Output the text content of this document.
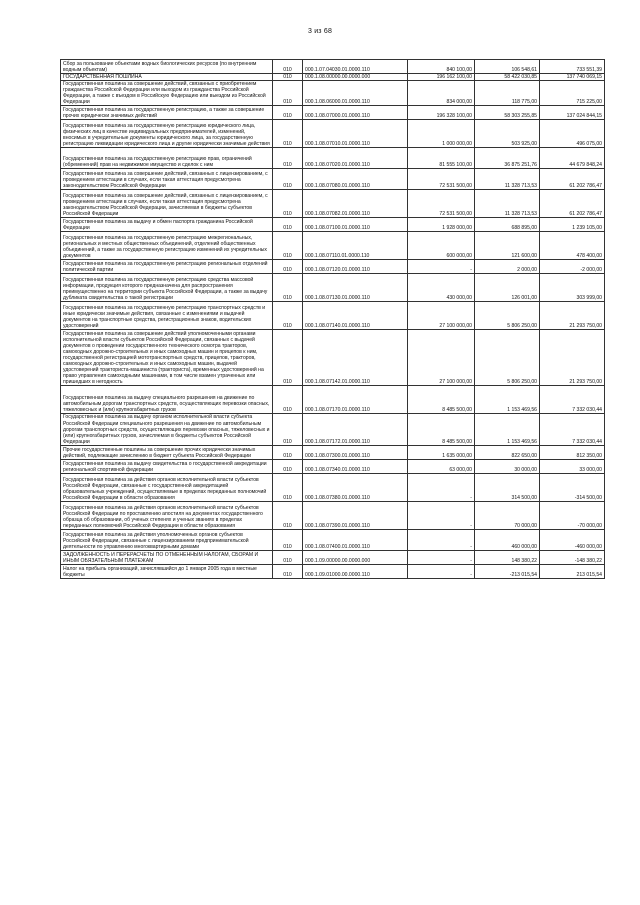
3 из 68
Сбор за пользование объектами водных биологических ресурсов (по внутренним водным объектам)	010	000.1.07.04030.01.0000.110	840 100,00	106 548,61	733 551,39
ГОСУДАРСТВЕННАЯ ПОШЛИНА	010	000.1.08.00000.00.0000.000	196 162 100,00	58 422 030,85	137 740 069,15
Государственная пошлина за совершение действий, связанных с приобретением гражданства Российской Федерации или выходом из гражданства Российской Федерации, а также с въездом в Российскую Федерацию или выездом из Российской Федерации	010	000.1.08.06000.01.0000.110	834 000,00	118 775,00	715 225,00
Государственная пошлина за государственную регистрацию, а также за совершение прочих юридически значимых действий	010	000.1.08.07000.01.0000.110	196 328 100,00	58 303 255,85	137 024 844,15
Государственная пошлина за государственную регистрацию юридического лица, физических лиц в качестве индивидуальных предпринимателей, изменений, вносимых в учредительные документы юридического лица, за государственную регистрацию ликвидации юридического лица и другие юридически значимые действия	010	000.1.08.07010.01.0000.110	1 000 000,00	503 925,00	496 075,00
Государственная пошлина за государственную регистрацию прав, ограничений (обременений) прав на недвижимое имущество и сделок с ним	010	000.1.08.07020.01.0000.110	81 555 100,00	36 875 251,76	44 679 848,24
Государственная пошлина за совершение действий, связанных с лицензированием, с проведением аттестации в случаях, если такая аттестация предусмотрена законодательством Российской Федерации	010	000.1.08.07080.01.0000.110	72 531 500,00	11 328 713,53	61 202 786,47
Государственная пошлина за совершение действий, связанных с лицензированием, с проведением аттестации в случаях, если такая аттестация предусмотрена законодательством Российской Федерации, зачисляемая в бюджеты субъектов Российской Федерации	010	000.1.08.07082.01.0000.110	72 531 500,00	11 328 713,53	61 202 786,47
Государственная пошлина за выдачу и обмен паспорта гражданина Российской Федерации	010	000.1.08.07100.01.0000.110	1 928 000,00	688 895,00	1 239 105,00
Государственная пошлина за государственную регистрацию межрегиональных, региональных и местных общественных объединений, отделений общественных объединений, а также за государственную регистрацию изменений их учредительных документов	010	000.1.08.07110.01.0000.110	600 000,00	121 600,00	478 400,00
Государственная пошлина за государственную регистрацию региональных отделений политической партии	010	000.1.08.07120.01.0000.110	-	2 000,00	-2 000,00
Государственная пошлина за государственную регистрацию средства массовой информации, продукция которого предназначена для распространения преимущественно на территории субъекта Российской Федерации, а также за выдачу дубликата свидетельства о такой регистрации	010	000.1.08.07130.01.0000.110	430 000,00	126 001,00	303 999,00
Государственная пошлина за государственную регистрацию транспортных средств и иные юридически значимые действия, связанные с изменениями и выдачей документов на транспортные средства, регистрационных знаков, водительских удостоверений	010	000.1.08.07140.01.0000.110	27 100 000,00	5 806 250,00	21 293 750,00
Государственная пошлина за совершение действий уполномоченными органами исполнительной власти субъектов Российской Федерации, связанных с выдачей документов о проведении государственного технического осмотра тракторов, самоходных дорожно-строительных и иных самоходных машин и прицепов к ним, государственной регистрацией мототранспортных средств, прицепов, тракторов, самоходных дорожно-строительных и иных самоходных машин, выдачей удостоверений тракториста-машиниста (тракториста), временных удостоверений на право управления самоходными машинами, в том числе взамен утраченных или пришедших в негодность	010	000.1.08.07142.01.0000.110	27 100 000,00	5 806 250,00	21 293 750,00
Государственная пошлина за выдачу специального разрешения на движение по автомобильным дорогам транспортных средств, осуществляющих перевозки опасных, тяжеловесных и (или) крупногабаритных грузов	010	000.1.08.07170.01.0000.110	8 485 500,00	1 153 469,56	7 332 030,44
Государственная пошлина за выдачу органом исполнительной власти субъекта Российской Федерации специального разрешения на движение по автомобильным дорогам транспортных средств, осуществляющих перевозки опасных, тяжеловесных и (или) крупногабаритных грузов, зачисляемая в бюджеты субъектов Российской Федерации	010	000.1.08.07172.01.0000.110	8 485 500,00	1 153 469,56	7 332 030,44
Прочие государственные пошлины за совершение прочих юридически значимых действий, подлежащие зачислению в бюджет субъекта Российской Федерации	010	000.1.08.07300.01.0000.110	1 635 000,00	822 650,00	812 350,00
Государственная пошлина за выдачу свидетельства о государственной аккредитации региональной спортивной федерации	010	000.1.08.07340.01.0000.110	63 000,00	30 000,00	33 000,00
Государственная пошлина за действия органов исполнительной власти субъектов Российской Федерации, связанные с государственной аккредитацией образовательных учреждений, осуществляемые в пределах переданных полномочий Российской Федерации в области образования	010	000.1.08.07380.01.0000.110	-	314 500,00	-314 500,00
Государственная пошлина за действия органов исполнительной власти субъектов Российской Федерации по проставлению апостиля на документах государственного образца об образовании, об ученых степенях и ученых званиях в пределах переданных полномочий Российской Федерации в области образования	010	000.1.08.07390.01.0000.110	-	70 000,00	-70 000,00
Государственная пошлина за действия уполномоченных органов субъектов Российской Федерации, связанные с лицензированием предпринимательской деятельности по управлению многоквартирными домами	010	000.1.08.07400.01.0000.110	-	460 000,00	-460 000,00
ЗАДОЛЖЕННОСТЬ И ПЕРЕРАСЧЕТЫ ПО ОТМЕНЕННЫМ НАЛОГАМ, СБОРАМ И ИНЫМ ОБЯЗАТЕЛЬНЫМ ПЛАТЕЖАМ	010	000.1.09.00000.00.0000.000	-	148 380,22	-148 380,22
Налог на прибыль организаций, зачислявшийся до 1 января 2005 года в местные бюджеты	010	000.1.09.01000.00.0000.110	-	-213 015,54	213 015,54
